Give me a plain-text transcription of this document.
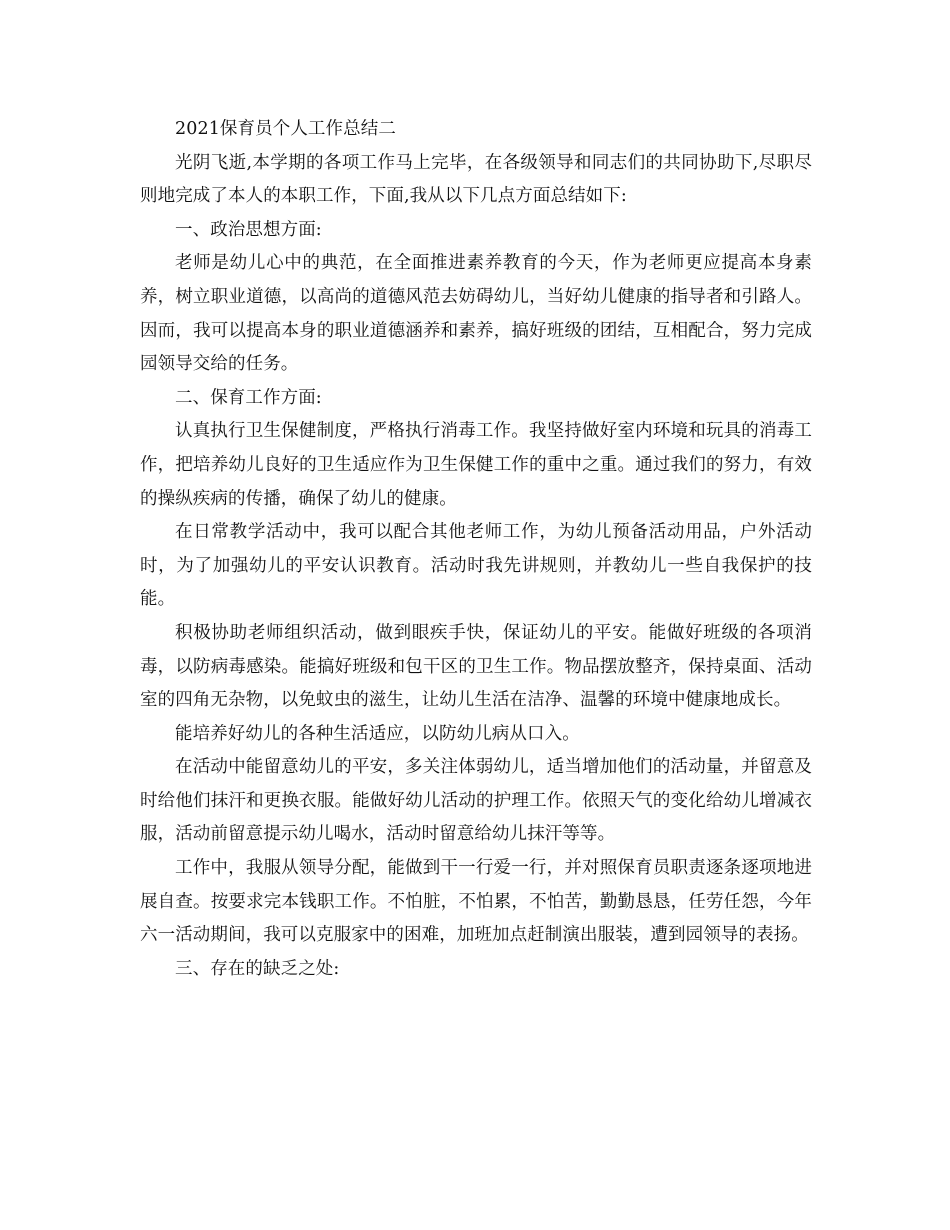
2021保育员个人工作总结二

光阴飞逝,本学期的各项工作马上完毕，在各级领导和同志们的共同协助下,尽职尽则地完成了本人的本职工作，下面,我从以下几点方面总结如下:

一、政治思想方面:

老师是幼儿心中的典范，在全面推进素养教育的今天，作为老师更应提高本身素养，树立职业道德，以高尚的道德风范去妨碍幼儿，当好幼儿健康的指导者和引路人。因而，我可以提高本身的职业道德涵养和素养，搞好班级的团结，互相配合，努力完成园领导交给的任务。

二、保育工作方面:

认真执行卫生保健制度，严格执行消毒工作。我坚持做好室内环境和玩具的消毒工作，把培养幼儿良好的卫生适应作为卫生保健工作的重中之重。通过我们的努力，有效的操纵疾病的传播，确保了幼儿的健康。

在日常教学活动中，我可以配合其他老师工作，为幼儿预备活动用品，户外活动时，为了加强幼儿的平安认识教育。活动时我先讲规则，并教幼儿一些自我保护的技能。

积极协助老师组织活动，做到眼疾手快，保证幼儿的平安。能做好班级的各项消毒，以防病毒感染。能搞好班级和包干区的卫生工作。物品摆放整齐，保持桌面、活动室的四角无杂物，以免蚊虫的滋生，让幼儿生活在洁净、温馨的环境中健康地成长。

能培养好幼儿的各种生活适应，以防幼儿病从口入。

在活动中能留意幼儿的平安，多关注体弱幼儿，适当增加他们的活动量，并留意及时给他们抹汗和更换衣服。能做好幼儿活动的护理工作。依照天气的变化给幼儿增减衣服，活动前留意提示幼儿喝水，活动时留意给幼儿抹汗等等。

工作中，我服从领导分配，能做到干一行爱一行，并对照保育员职责逐条逐项地进展自查。按要求完本钱职工作。不怕脏，不怕累，不怕苦，勤勤恳恳，任劳任怨，今年六一活动期间，我可以克服家中的困难，加班加点赶制演出服装，遭到园领导的表扬。

三、存在的缺乏之处:
